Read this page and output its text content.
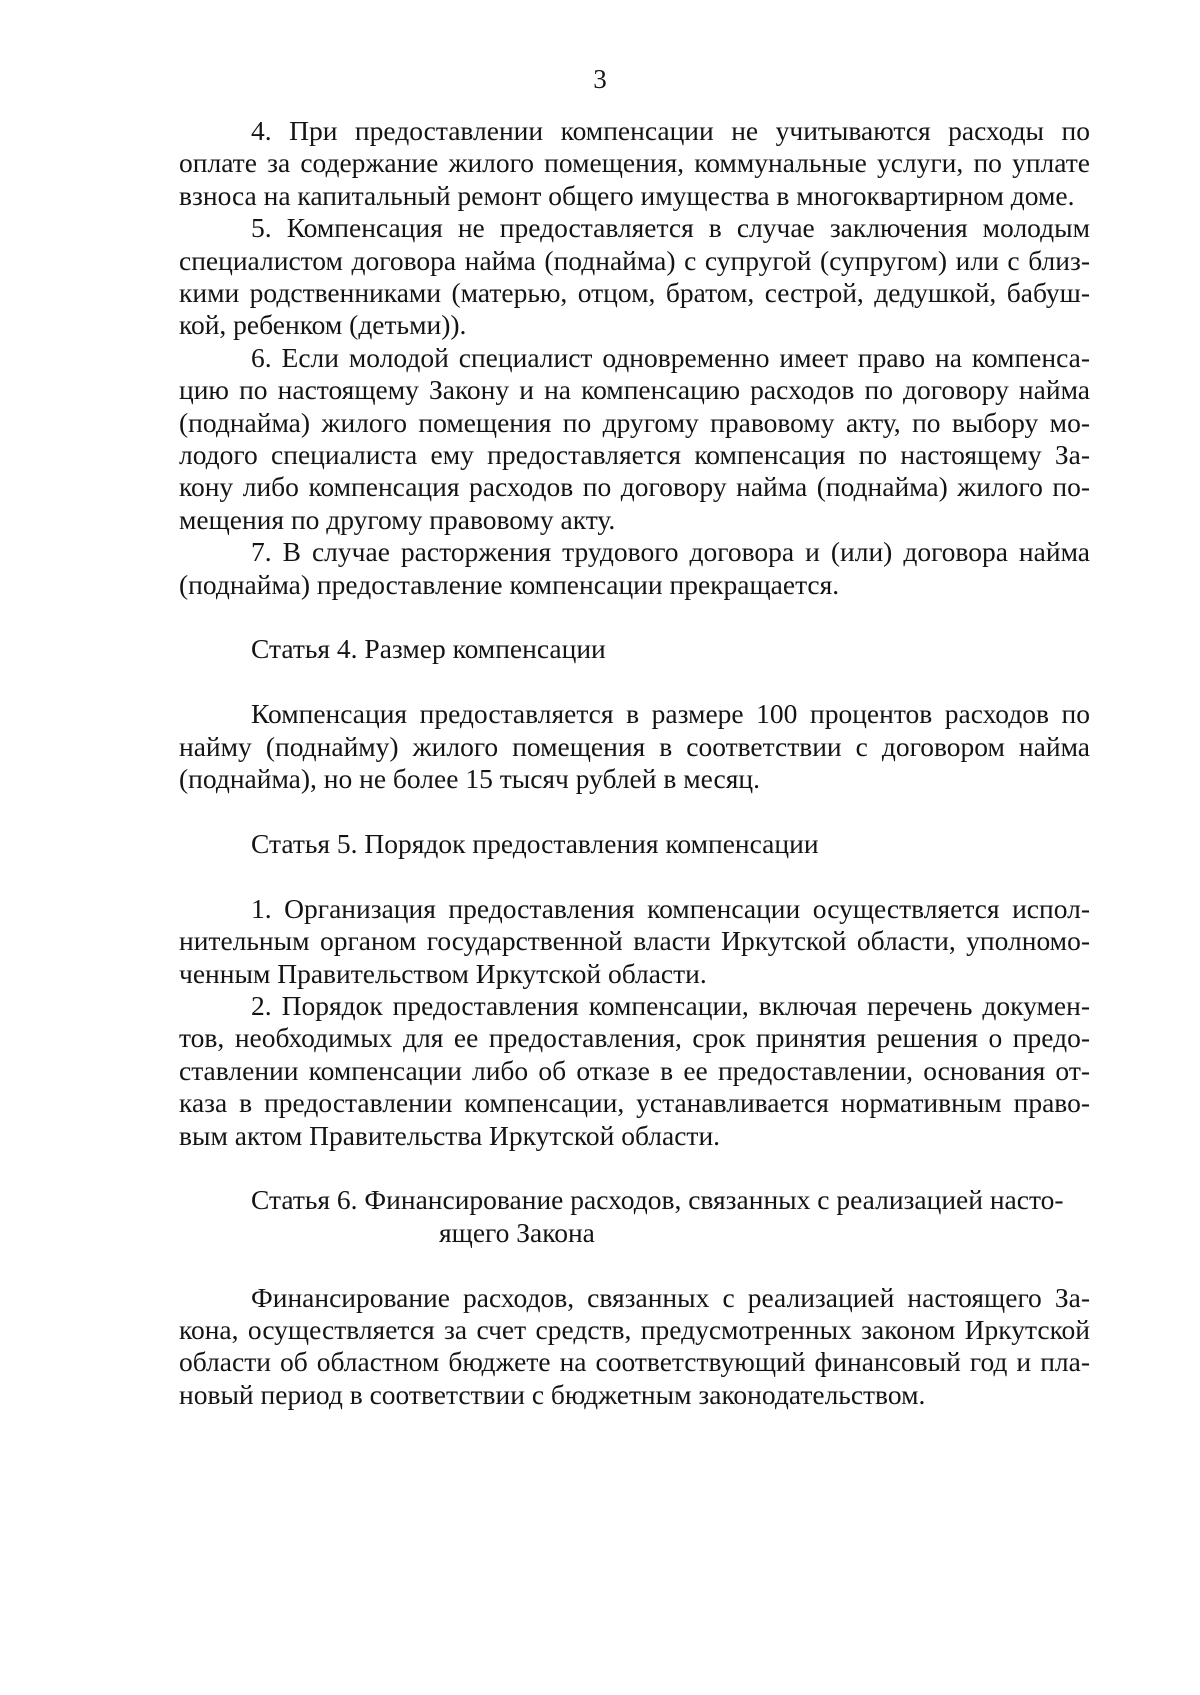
3

4. При предоставлении компенсации не учитываются расходы по
оплате за содержание жилого помещения, коммунальные услуги, по уплате
взноса на капитальный ремонт общего имущества в многоквартирном доме.

5. Компенсация не предоставляется в случае заключения молодым
специалистом договора найма (поднайма) с супругой (супругом) или с близ-
кими родственниками (матерью, отцом, братом, сестрой, дедушкой, бабуш-
кой, ребенком (детьми)).

6. Если молодой специалист одновременно имеет право на компенса-
цию по настоящему Закону и на компенсацию расходов по договору найма
(поднайма) жилого помещения по другому правовому акту, по выбору мо-
лодого специалиста ему предоставляется компенсация по настоящему За-
кону либо компенсация расходов по договору найма (поднайма) жилого по-
мещения по другому правовому акту.

7. В случае расторжения трудового договора и (или) договора найма
(поднайма) предоставление компенсации прекращается.

Статья 4. Размер компенсации

Компенсация предоставляется в размере 100 процентов расходов по
найму (поднайму) жилого помещения в соответствии с договором найма
(поднайма), но не более 15 тысяч рублей в месяц.

Статья 5. Порядок предоставления компенсации

1. Организация предоставления компенсации осуществляется испол-
нительным органом государственной власти Иркутской области, уполномо-
ченным Правительством Иркутской области.

2. Порядок предоставления компенсации, включая перечень докумен-
тов, необходимых для ее предоставления, срок принятия решения о предо-
ставлении компенсации либо об отказе в ее предоставлении, основания от-
каза в предоставлении компенсации, устанавливается нормативным право-
вым актом Правительства Иркутской области.

Статья 6. Финансирование расходов, связанных с реализацией насто-
ящего Закона

Финансирование расходов, связанных с реализацией настоящего За-
кона, осуществляется за счет средств, предусмотренных законом Иркутской
области об областном бюджете на соответствующий финансовый год и пла-
новый период в соответствии с бюджетным законодательством.
